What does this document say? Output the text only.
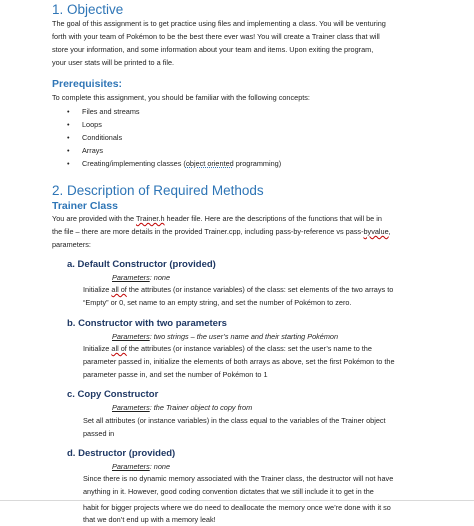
1. Objective
The goal of this assignment is to get practice using files and implementing a class. You will be venturing
forth with your team of Pokémon to be the best there ever was! You will create a Trainer class that will
store your information, and some information about your team and items. Upon exiting the program,
your user stats will be printed to a file.
Prerequisites:
To complete this assignment, you should be familiar with the following concepts:
• Files and streams
• Loops
• Conditionals
• Arrays
• Creating/implementing classes (object oriented programming)
2. Description of Required Methods
Trainer Class
You are provided with the Trainer.h header file. Here are the descriptions of the functions that will be in
the file – there are more details in the provided Trainer.cpp, including pass-by-reference vs pass-byvalue,
parameters:
a. Default Constructor (provided)
Parameters: none
Initialize all of the attributes (or instance variables) of the class: set elements of the two arrays to
“Empty” or 0, set name to an empty string, and set the number of Pokémon to zero.
b. Constructor with two parameters
Parameters: two strings – the user’s name and their starting Pokémon
Initialize all of the attributes (or instance variables) of the class: set the user’s name to the
parameter passed in, initialize the elements of both arrays as above, set the first Pokémon to the
parameter passe in, and set the number of Pokémon to 1
c. Copy Constructor
Parameters: the Trainer object to copy from
Set all attributes (or instance variables) in the class equal to the variables of the Trainer object
passed in
d. Destructor (provided)
Parameters: none
Since there is no dynamic memory associated with the Trainer class, the destructor will not have
anything in it. However, good coding convention dictates that we still include it to get in the
habit for bigger projects where we do need to deallocate the memory once we’re done with it so
that we don’t end up with a memory leak!
